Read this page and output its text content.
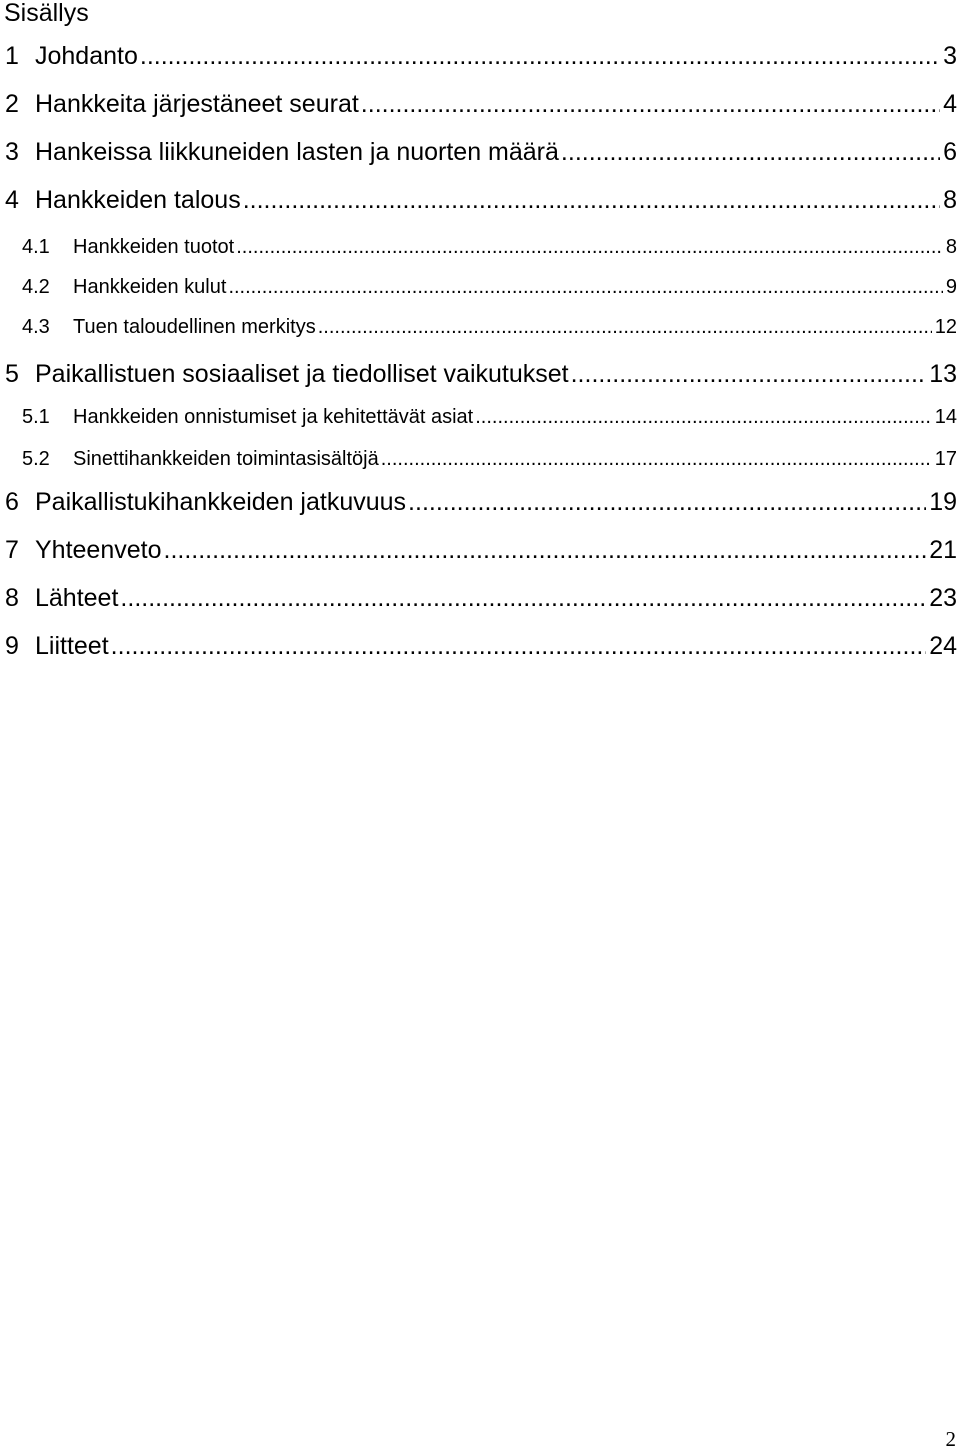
Sisällys
1 Johdanto .....	3
2 Hankkeita järjestäneet seurat .....	4
3 Hankeissa liikkuneiden lasten ja nuorten määrä .....	6
4 Hankkeiden talous .....	8
4.1	Hankkeiden tuotot .....	8
4.2	Hankkeiden kulut .....	9
4.3	Tuen taloudellinen merkitys .....	12
5 Paikallistuen sosiaaliset ja tiedolliset vaikutukset .....	13
5.1	Hankkeiden onnistumiset ja kehitettävät asiat .....	14
5.2	Sinettihankkeiden toimintasisältöjä .....	17
6 Paikallistukihankkeiden jatkuvuus .....	19
7 Yhteenveto .....	21
8 Lähteet .....	23
9 Liitteet .....	24
2
